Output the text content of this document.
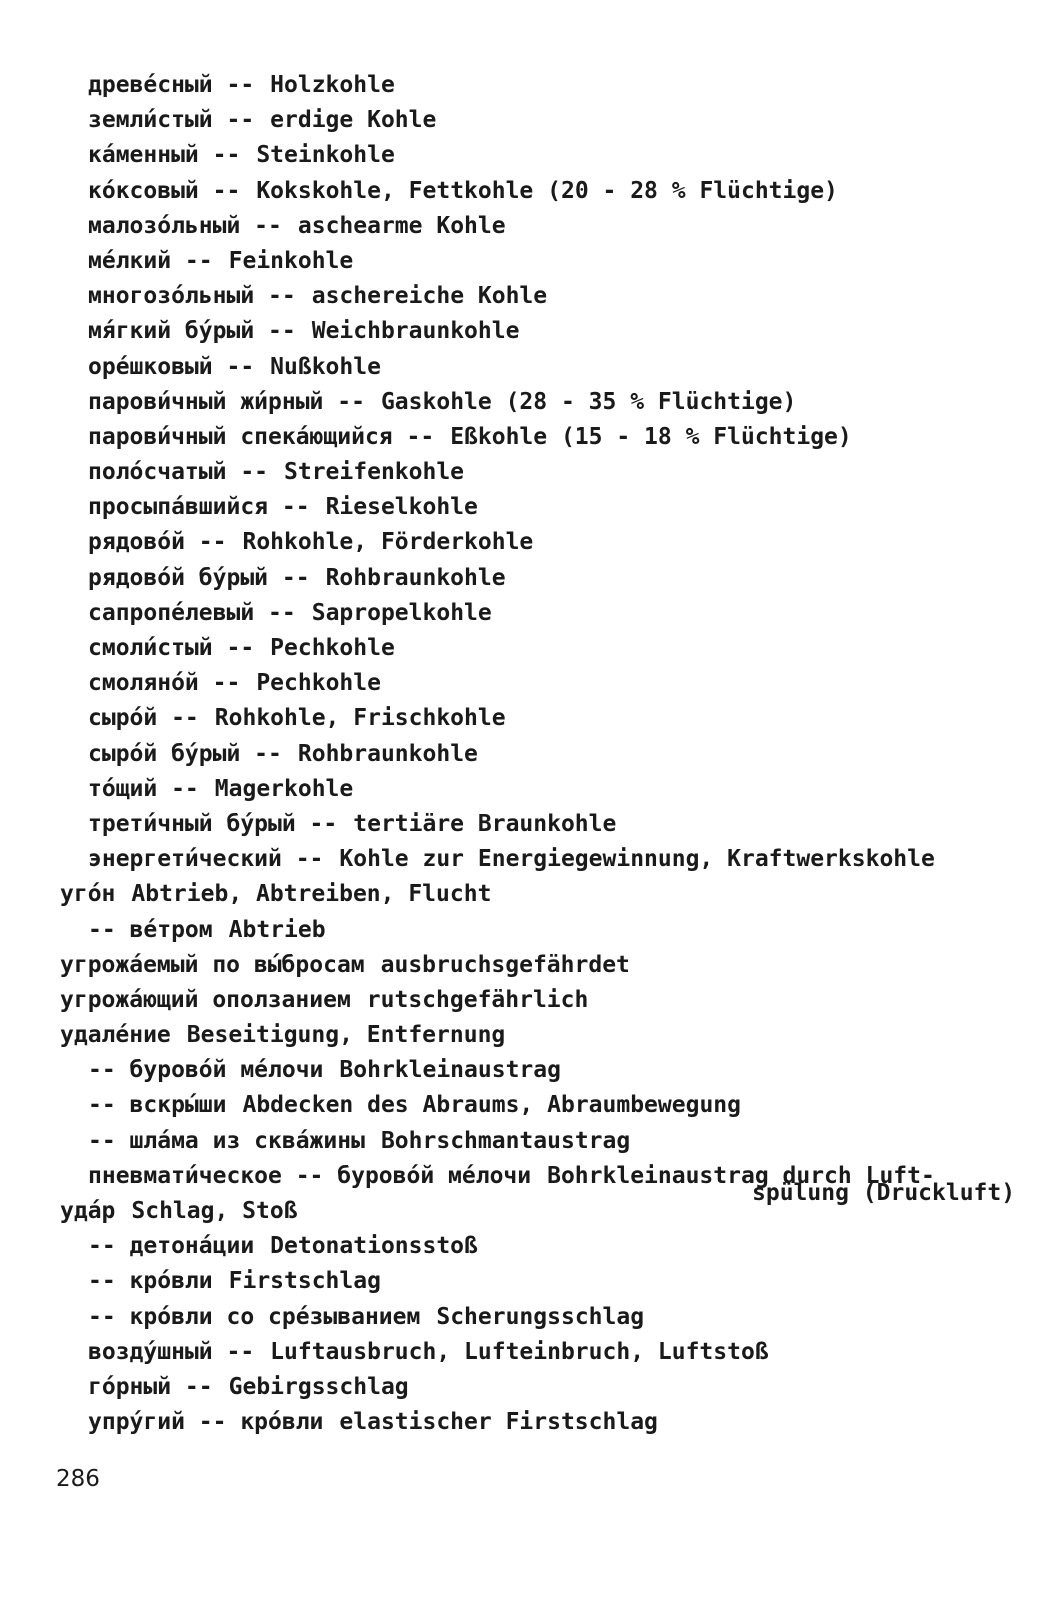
древе́сный -- Holzkohle
земли́стый -- erdige Kohle
ка́менный -- Steinkohle
ко́ксовый -- Kokskohle, Fettkohle (20 - 28 % Flüchtige)
малозо́льный -- aschearme Kohle
ме́лкий -- Feinkohle
многозо́льный -- aschereiche Kohle
мя́гкий бу́рый -- Weichbraunkohle
оре́шковый -- Nußkohle
парови́чный жи́рный -- Gaskohle (28 - 35 % Flüchtige)
парови́чный спека́ющийся -- Eßkohle (15 - 18 % Flüchtige)
поло́счатый -- Streifenkohle
просыпа́вшийся -- Rieselkohle
рядово́й -- Rohkohle, Förderkohle
рядово́й бу́рый -- Rohbraunkohle
сапропе́левый -- Sapropelkohle
смоли́стый -- Pechkohle
смоляно́й -- Pechkohle
сыро́й -- Rohkohle, Frischkohle
сыро́й бу́рый -- Rohbraunkohle
то́щий -- Magerkohle
трети́чный бу́рый -- tertiäre Braunkohle
энергети́ческий -- Kohle zur Energiegewinnung, Kraftwerkskohle
уго́н Abtrieb, Abtreiben, Flucht
-- ве́тром Abtrieb
угрожа́емый по вы́бросам ausbruchsgefährdet
угрожа́ющий оползанием rutschgefährlich
удале́ние Beseitigung, Entfernung
-- бурово́й ме́лочи Bohrkleinaustrag
-- вскры́ши Abdecken des Abraums, Abraumbewegung
-- шла́ма из сква́жины Bohrschmantaustrag
пневмати́ческое -- бурово́й ме́лочи Bohrkleinaustrag durch Luft-
spülung (Druckluft)
уда́р Schlag, Stoß
-- детона́ции Detonationsstoß
-- кро́вли Firstschlag
-- кро́вли со сре́зыванием Scherungsschlag
возду́шный -- Luftausbruch, Lufteinbruch, Luftstoß
го́рный -- Gebirgsschlag
упру́гий -- кро́вли elastischer Firstschlag
286
